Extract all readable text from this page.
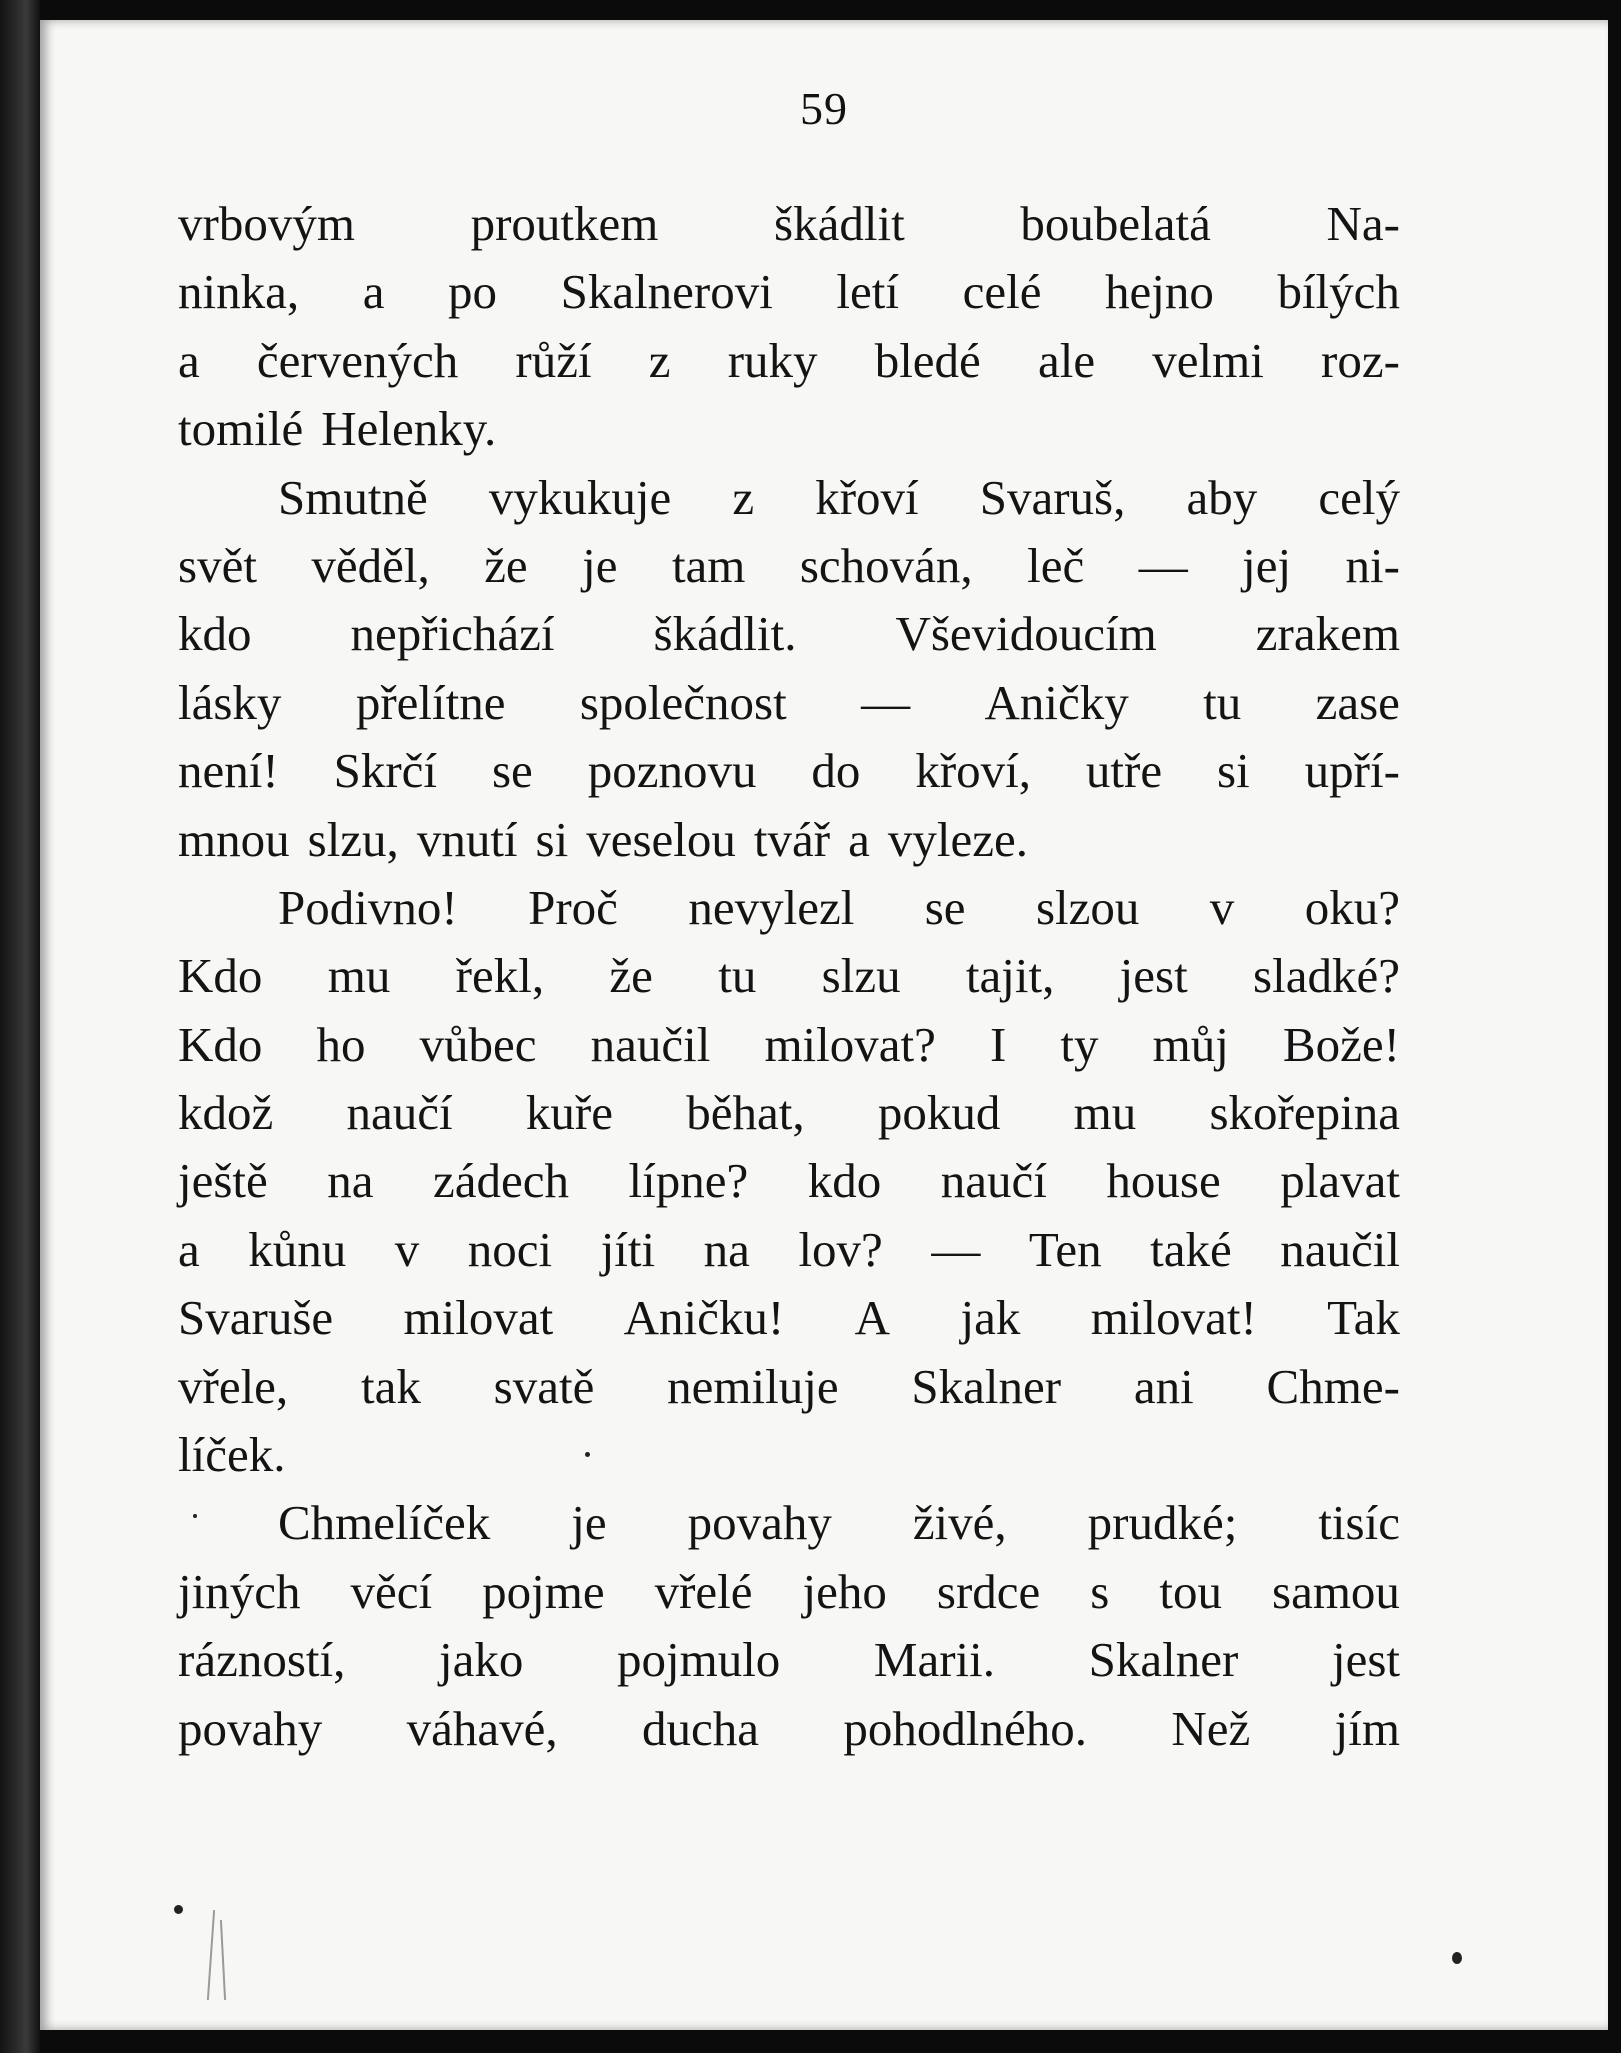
59
vrbovým proutkem škádlit boubelatá Na-
ninka, a po Skalnerovi letí celé hejno bílých
a červených růží z ruky bledé ale velmi roz-
tomilé Helenky.
Smutně vykukuje z křoví Svaruš, aby celý
svět věděl, že je tam schován, leč — jej ni-
kdo nepřichází škádlit. Vševidoucím zrakem
lásky přelítne společnost — Aničky tu zase
není! Skrčí se poznovu do křoví, utře si upří-
mnou slzu, vnutí si veselou tvář a vyleze.
Podivno! Proč nevylezl se slzou v oku?
Kdo mu řekl, že tu slzu tajit, jest sladké?
Kdo ho vůbec naučil milovat? I ty můj Bože!
kdož naučí kuře běhat, pokud mu skořepina
ještě na zádech lípne? kdo naučí house plavat
a kůnu v noci jíti na lov? — Ten také naučil
Svaruše milovat Aničku! A jak milovat! Tak
vřele, tak svatě nemiluje Skalner ani Chme-
líček.
Chmelíček je povahy živé, prudké; tisíc
jiných věcí pojme vřelé jeho srdce s tou samou
rázností, jako pojmulo Marii. Skalner jest
povahy váhavé, ducha pohodlného. Než jím
